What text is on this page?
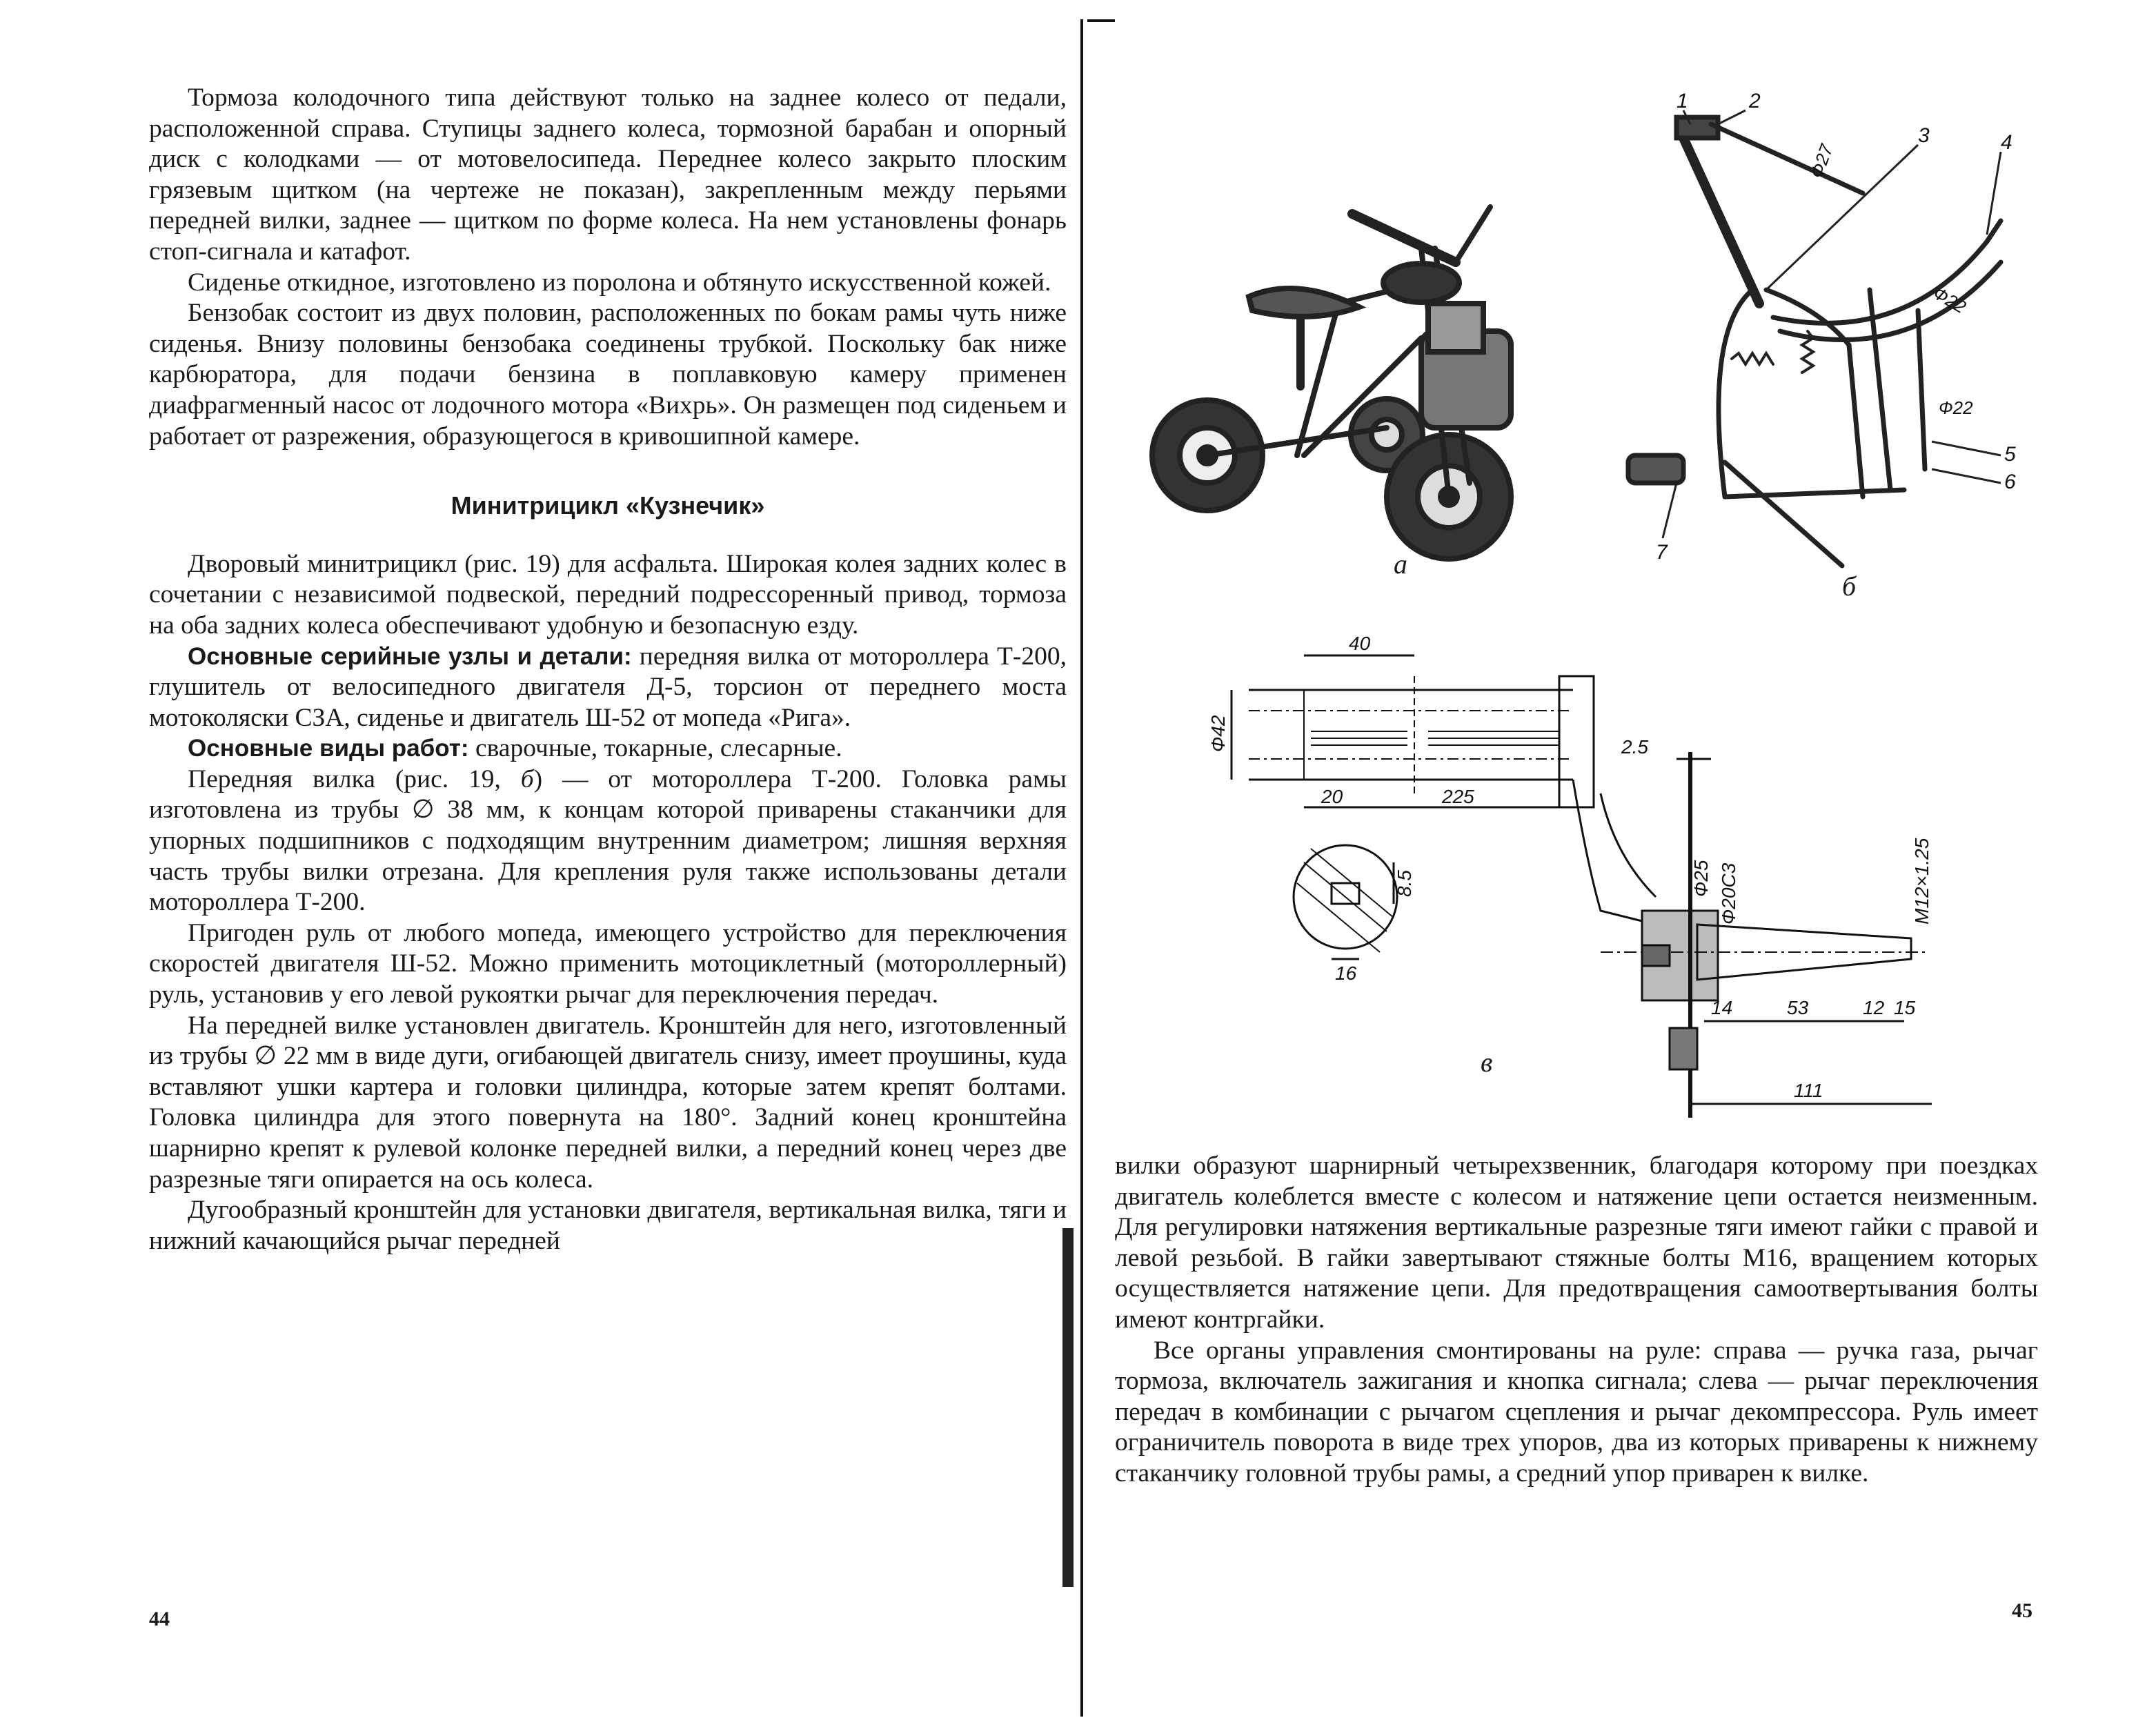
Тормоза колодочного типа действуют только на заднее колесо от педали, расположенной справа. Ступицы заднего колеса, тормозной барабан и опорный диск с колодками — от мотовелосипеда. Переднее колесо закрыто плоским грязевым щитком (на чертеже не показан), закрепленным между перьями передней вилки, заднее — щитком по форме колеса. На нем установлены фонарь стоп-сигнала и катафот.

Сиденье откидное, изготовлено из поролона и обтянуто искусственной кожей.

Бензобак состоит из двух половин, расположенных по бокам рамы чуть ниже сиденья. Внизу половины бензобака соединены трубкой. Поскольку бак ниже карбюратора, для подачи бензина в поплавковую камеру применен диафрагменный насос от лодочного мотора «Вихрь». Он размещен под сиденьем и работает от разрежения, образующегося в кривошипной камере.

Минитрицикл «Кузнечик»

Дворовый минитрицикл (рис. 19) для асфальта. Широкая колея задних колес в сочетании с независимой подвеской, передний подрессоренный привод, тормоза на оба задних колеса обеспечивают удобную и безопасную езду.

Основные серийные узлы и детали: передняя вилка от мотороллера Т-200, глушитель от велосипедного двигателя Д-5, торсион от переднего моста мотоколяски СЗА, сиденье и двигатель Ш-52 от мопеда «Рига».

Основные виды работ: сварочные, токарные, слесарные.

Передняя вилка (рис. 19, б) — от мотороллера Т-200. Головка рамы изготовлена из трубы ∅ 38 мм, к концам которой приварены стаканчики для упорных подшипников с подходящим внутренним диаметром; лишняя верхняя часть трубы вилки отрезана. Для крепления руля также использованы детали мотороллера Т-200.

Пригоден руль от любого мопеда, имеющего устройство для переключения скоростей двигателя Ш-52. Можно применить мотоциклетный (мотороллерный) руль, установив у его левой рукоятки рычаг для переключения передач.

На передней вилке установлен двигатель. Кронштейн для него, изготовленный из трубы ∅ 22 мм в виде дуги, огибающей двигатель снизу, имеет проушины, куда вставляют ушки картера и головки цилиндра, которые затем крепят болтами. Головка цилиндра для этого повернута на 180°. Задний конец кронштейна шарнирно крепят к рулевой колонке передней вилки, а передний конец через две разрезные тяги опирается на ось колеса.

Дугообразный кронштейн для установки двигателя, вертикальная вилка, тяги и нижний качающийся рычаг передней

44
а
1	2
3	4
5
6
7
Ф27
Ф22
Ф22
б
40
Ф42
20	225
2.5
8.5
16
Ф25 Ф20С3	М12×1.25
14	53	12 15
111
в

вилки образуют шарнирный четырехзвенник, благодаря которому при поездках двигатель колеблется вместе с колесом и натяжение цепи остается неизменным. Для регулировки натяжения вертикальные разрезные тяги имеют гайки с правой и левой резьбой. В гайки завертывают стяжные болты М16, вращением которых осуществляется натяжение цепи. Для предотвращения самоотвертывания болты имеют контргайки.

Все органы управления смонтированы на руле: справа — ручка газа, рычаг тормоза, включатель зажигания и кнопка сигнала; слева — рычаг переключения передач в комбинации с рычагом сцепления и рычаг декомпрессора. Руль имеет ограничитель поворота в виде трех упоров, два из которых приварены к нижнему стаканчику головной трубы рамы, а средний упор приварен к вилке.

45
